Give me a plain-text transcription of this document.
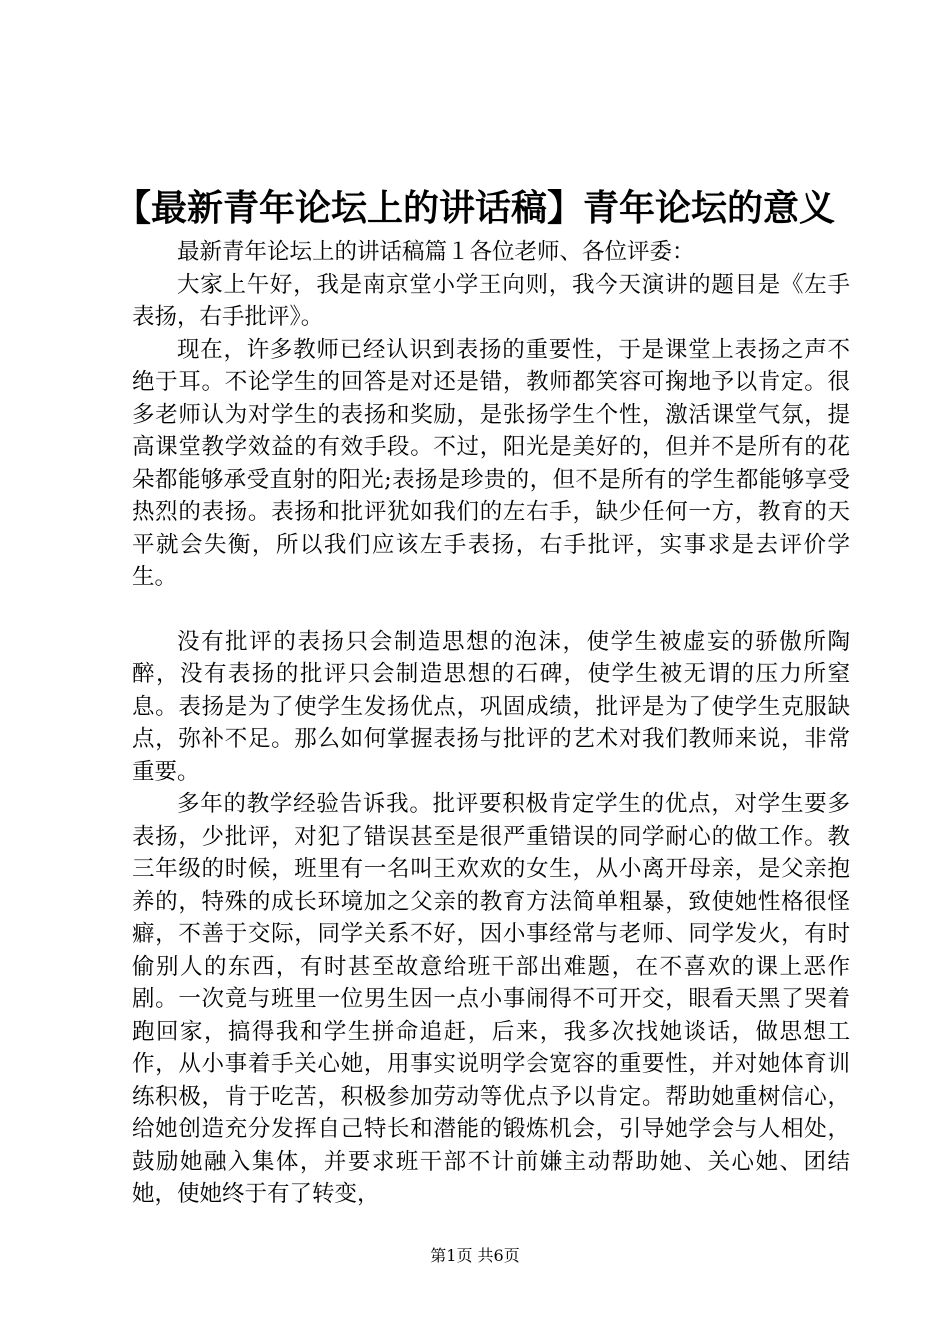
【最新青年论坛上的讲话稿】青年论坛的意义

最新青年论坛上的讲话稿篇１各位老师、各位评委：

大家上午好，我是南京堂小学王向则，我今天演讲的题目是《左手表扬，右手批评》。

现在，许多教师已经认识到表扬的重要性，于是课堂上表扬之声不绝于耳。不论学生的回答是对还是错，教师都笑容可掬地予以肯定。很多老师认为对学生的表扬和奖励，是张扬学生个性，激活课堂气氛，提高课堂教学效益的有效手段。不过，阳光是美好的，但并不是所有的花朵都能够承受直射的阳光;表扬是珍贵的，但不是所有的学生都能够享受热烈的表扬。表扬和批评犹如我们的左右手，缺少任何一方，教育的天平就会失衡，所以我们应该左手表扬，右手批评，实事求是去评价学生。

没有批评的表扬只会制造思想的泡沫，使学生被虚妄的骄傲所陶醉，没有表扬的批评只会制造思想的石碑，使学生被无谓的压力所窒息。表扬是为了使学生发扬优点，巩固成绩，批评是为了使学生克服缺点，弥补不足。那么如何掌握表扬与批评的艺术对我们教师来说，非常重要。

多年的教学经验告诉我。批评要积极肯定学生的优点，对学生要多表扬，少批评，对犯了错误甚至是很严重错误的同学耐心的做工作。教三年级的时候，班里有一名叫王欢欢的女生，从小离开母亲，是父亲抱养的，特殊的成长环境加之父亲的教育方法简单粗暴，致使她性格很怪癖，不善于交际，同学关系不好，因小事经常与老师、同学发火，有时偷别人的东西，有时甚至故意给班干部出难题，在不喜欢的课上恶作剧。一次竟与班里一位男生因一点小事闹得不可开交，眼看天黑了哭着跑回家，搞得我和学生拼命追赶，后来，我多次找她谈话，做思想工作，从小事着手关心她，用事实说明学会宽容的重要性，并对她体育训练积极，肯于吃苦，积极参加劳动等优点予以肯定。帮助她重树信心，给她创造充分发挥自己特长和潜能的锻炼机会，引导她学会与人相处，鼓励她融入集体，并要求班干部不计前嫌主动帮助她、关心她、团结她，使她终于有了转变，

第1页 共6页
